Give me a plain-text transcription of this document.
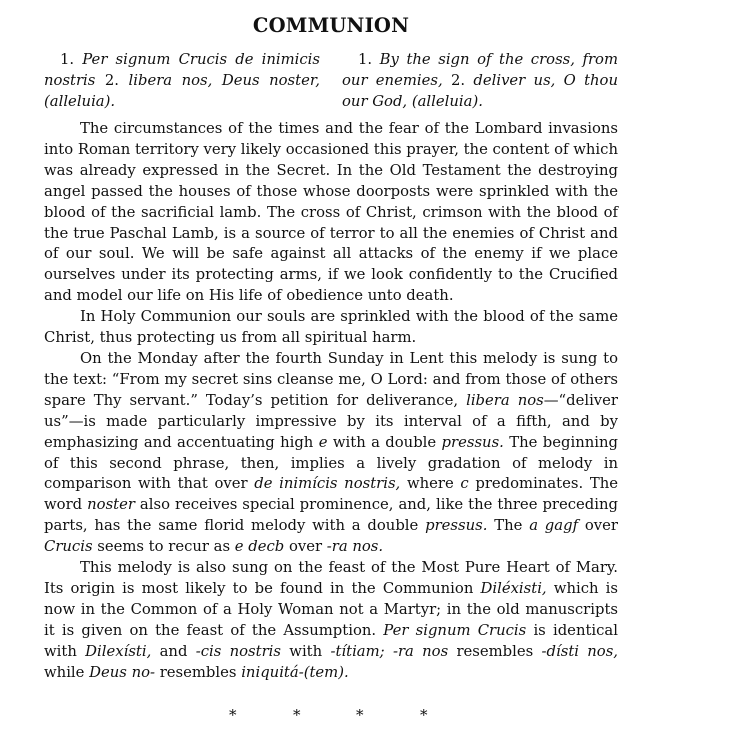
COMMUNION

1. Per signum Crucis de inimicis nostris 2. libera nos, Deus noster, (alleluia).

1. By the sign of the cross, from our enemies, 2. deliver us, O thou our God, (alleluia).

The circumstances of the times and the fear of the Lombard invasions into Roman territory very likely occasioned this prayer, the content of which was already expressed in the Secret. In the Old Testament the destroying angel passed the houses of those whose doorposts were sprinkled with the blood of the sacrificial lamb. The cross of Christ, crimson with the blood of the true Paschal Lamb, is a source of terror to all the enemies of Christ and of our soul. We will be safe against all attacks of the enemy if we place ourselves under its protecting arms, if we look confidently to the Crucified and model our life on His life of obedience unto death.

In Holy Communion our souls are sprinkled with the blood of the same Christ, thus protecting us from all spiritual harm.

On the Monday after the fourth Sunday in Lent this melody is sung to the text: “From my secret sins cleanse me, O Lord: and from those of others spare Thy servant.” Today’s petition for deliverance, libera nos—“deliver us”—is made particularly impressive by its interval of a fifth, and by emphasizing and accentuating high e with a double pressus. The beginning of this second phrase, then, implies a lively gradation of melody in comparison with that over de inimícis nostris, where c predominates. The word noster also receives special prominence, and, like the three preceding parts, has the same florid melody with a double pressus. The a gagf over Crucis seems to recur as e decb over -ra nos.

This melody is also sung on the feast of the Most Pure Heart of Mary. Its origin is most likely to be found in the Communion Diléxisti, which is now in the Common of a Holy Woman not a Martyr; in the old manuscripts it is given on the feast of the Assumption. Per signum Crucis is identical with Dilexísti, and -cis nostris with -títiam; -ra nos resembles -dísti nos, while Deus no- resembles iniquitá-(tem).

*	*	*	*
